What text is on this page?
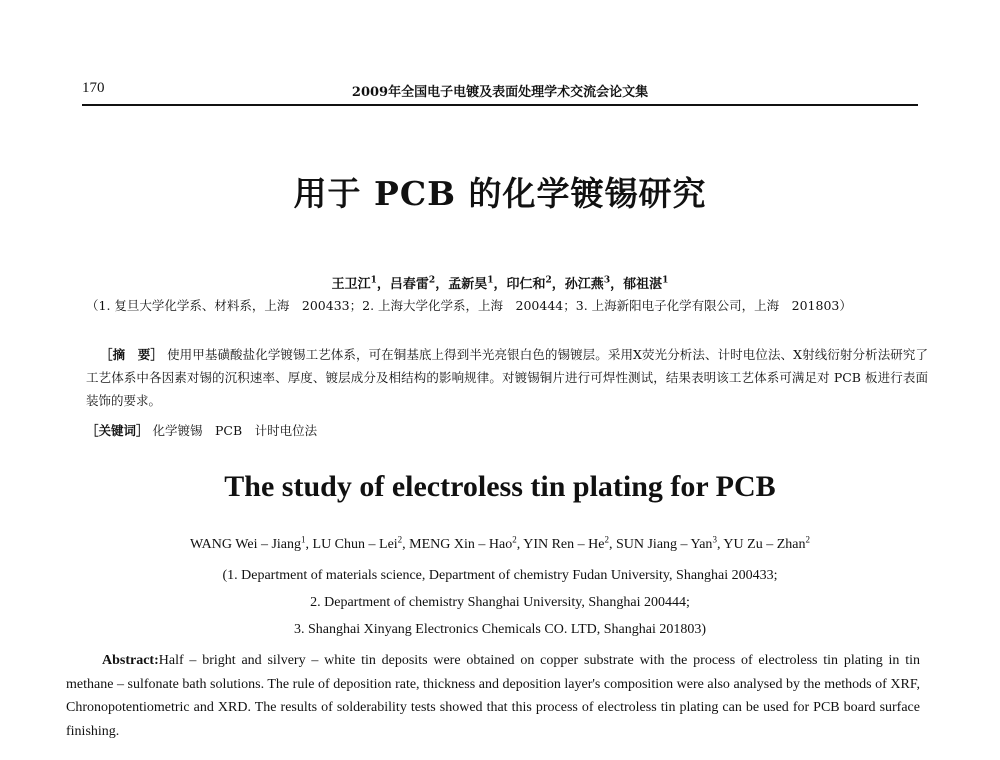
170	2009年全国电子电镀及表面处理学术交流会论文集
用于 PCB 的化学镀锡研究
王卫江$^1$，吕春雷$^2$，孟新昊$^1$，印仁和$^2$，孙江燕$^3$，郁祖湛$^1$
（1. 复旦大学化学系、材料系，上海　200433；2. 上海大学化学系，上海　200444；3. 上海新阳电子化学有限公司，上海　201803）
［摘　要］ 使用甲基磺酸盐化学镀锡工艺体系，可在铜基底上得到半光亮银白色的锡镀层。采用X荧光分析法、计时电位法、X射线衍射分析法研究了工艺体系中各因素对锡的沉积速率、厚度、镀层成分及相结构的影响规律。对镀锡铜片进行可焊性测试，结果表明该工艺体系可满足对 PCB 板进行表面装饰的要求。
［关键词］ 化学镀锡　PCB　计时电位法
The study of electroless tin plating for PCB
WANG Wei – Jiang$^1$, LU Chun – Lei$^2$, MENG Xin – Hao$^2$, YIN Ren – He$^2$, SUN Jiang – Yan$^3$, YU Zu – Zhan$^2$
(1. Department of materials science, Department of chemistry Fudan University, Shanghai 200433;
2. Department of chemistry Shanghai University, Shanghai 200444;
3. Shanghai Xinyang Electronics Chemicals CO. LTD, Shanghai 201803)
Abstract:Half – bright and silvery – white tin deposits were obtained on copper substrate with the process of electroless tin plating in tin methane – sulfonate bath solutions. The rule of deposition rate, thickness and deposition layer's composition were also analysed by the methods of XRF, Chronopotentiometric and XRD. The results of solderability tests showed that this process of electroless tin plating can be used for PCB board surface finishing.
